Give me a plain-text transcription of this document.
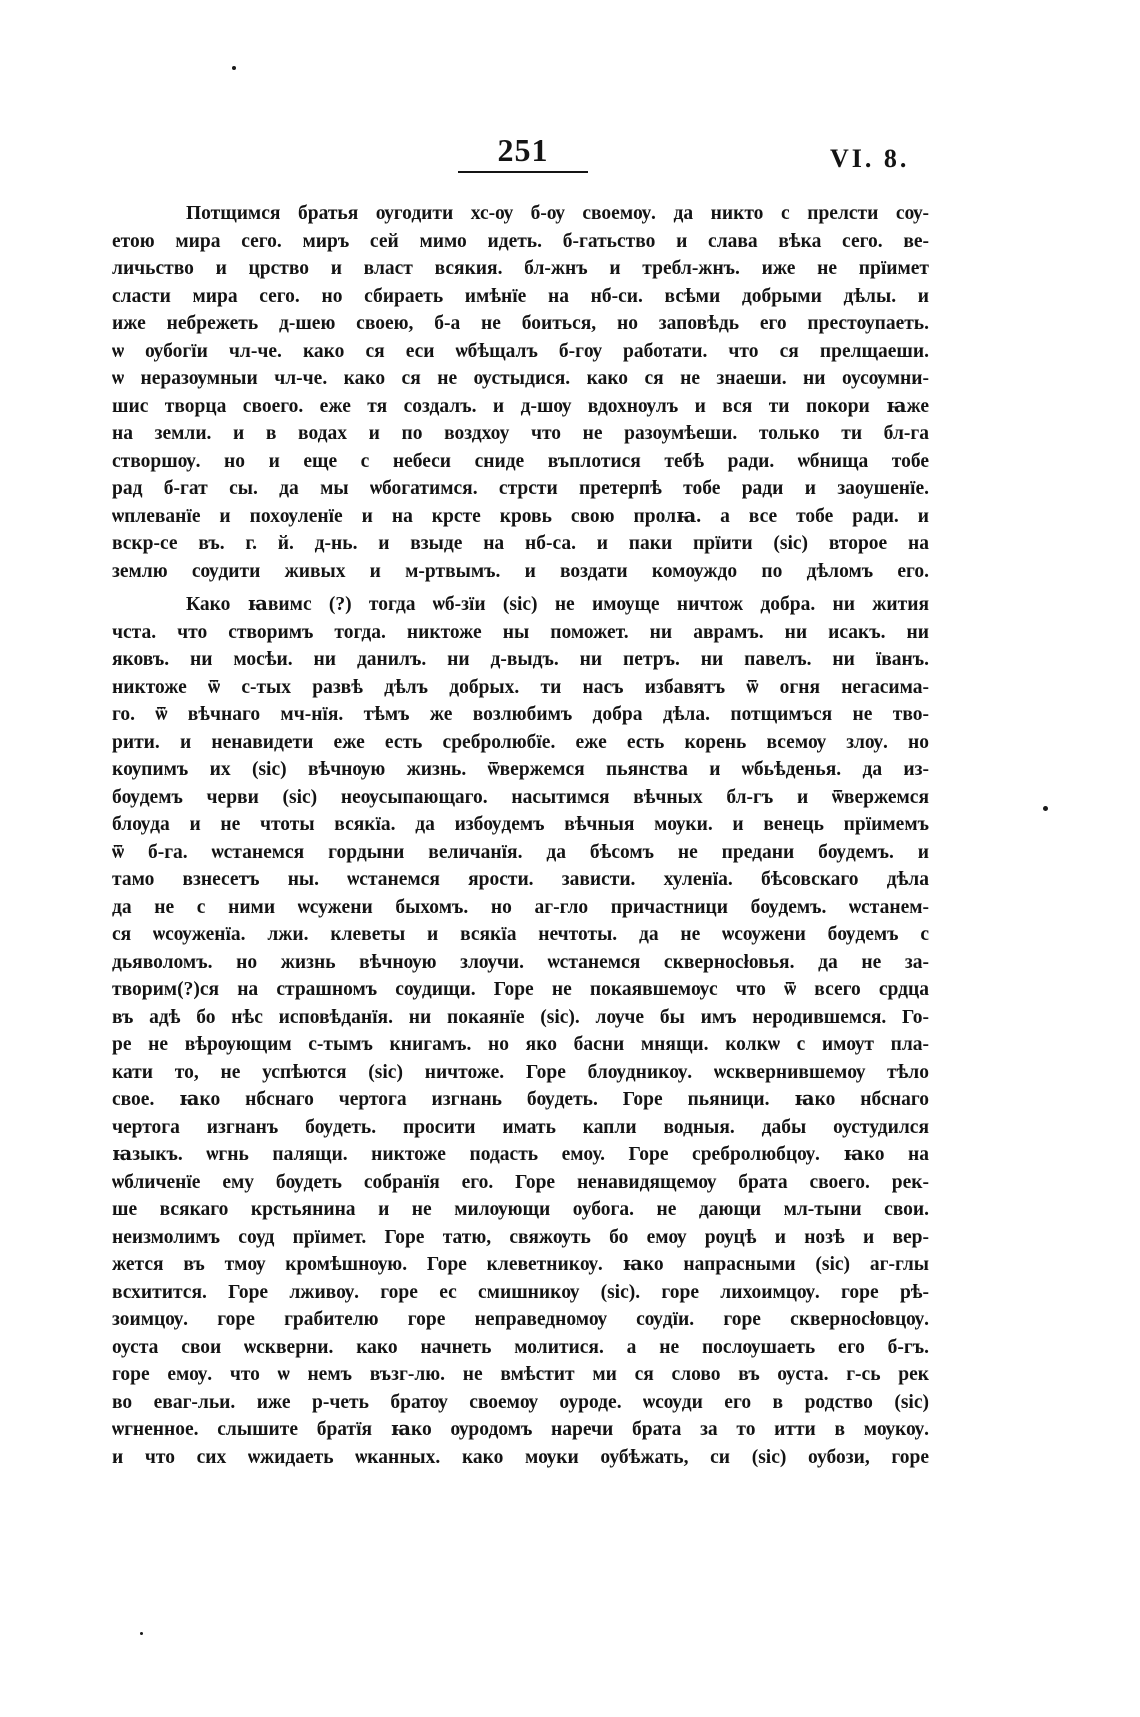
251	VI. 8.

Потщимся братья ѹгодити хс-ѹ б-ѹ своемѹ. да никто с прелсти сѹ-
етою мира сего. миръ сей мимо идеть. б-гатьство и слава вѣка сего. ве-
личьство и црство и власт всякия. бл-жнъ и требл-жнъ. иже не прїимет
сласти мира сего. но сбираеть имѣнїе на нб-си. всѣми добрыми дѣлы. и
иже небрежеть д-шею своею, б-а не боиться, но заповѣдь его престѹпаеть.
ѡ ѹбогїи чл-че. како ся еси ѡбѣщалъ б-гѹ работати. что ся прелщаеши.
ѡ неразѹмныи чл-че. како ся не ѹстыдися. како ся не знаеши. ни оусѹмни-
шис творца своего. еже тя создалъ. и д-шѹ вдохнѹлъ и вся ти покори ꙗже
на земли. и в водах и по воздхоу что не разоумѣеши. только ти бл-га
створшѹ. но и еще с небеси сниде въплотися тебѣ ради. ѡбнища тобе
рад б-гат сы. да мы ѡбогатимся. стрсти претерпѣ тобе ради и заоушенїе.
ѡплеванїе и похѹленїе и на крсте кровь свою пролꙗ. а все тобе ради. и
вскр-се въ. г. й. д-нь. и взыде на нб-са. и паки прїити (sic) второе на
землю сѹдити живых и м-ртвымъ. и воздати комѹждо по дѣломъ его.

Како ꙗвимс (?) тогда ѡб-зїи (sic) не имѹще ничтож добра. ни жития
чста. что створимъ тогда. никтоже ны поможет. ни аврамъ. ни исакъ. ни
яковъ. ни мосѣи. ни данилъ. ни д-выдъ. ни петръ. ни павелъ. ни їванъ.
никтоже ѿ с-тых развѣ дѣлъ добрых. ти насъ избавятъ ѿ огня негасима-
го. ѿ вѣчнаго мч-нїя. тѣмъ же возлюбимъ добра дѣла. потщимъся не тво-
рити. и ненавидети еже есть сребролюбїе. еже есть корень всемѹ злѹ. но
кѹпимъ их (sic) вѣчнѹю жизнь. ѿвержемся пьянства и ѡбьѣденья. да из-
бѹдемъ черви (sic) неѹсыпающаго. насытимся вѣчных бл-гъ и ѿвержемся
блѹда и не чтоты всякїа. да избѹдемъ вѣчныя мѹки. и венець прїимемъ
ѿ б-га. ѡстанемся гордыни величанїя. да бѣсомъ не предани бѹдемъ. и
тамо взнесетъ ны. ѡстанемся ярости. зависти. хуленїа. бѣсовскаго дѣла
да не с ними ѡсужени быхомъ. но аг-гло причастници бѹдемъ. ѡстанем-
ся ѡсѹженїа. лжи. клеветы и всякїа нечтоты. да не ѡсѹжени бѹдемъ с
дьяволомъ. но жизнь вѣчнѹю злѹчи. ѡстанемся скверносłовья. да не за-
творим(?)ся на страшномъ сѹдищи. Горе не покаявшемѹс что ѿ всего срдца
въ адѣ бо нѣс исповѣданїя. ни покаянїе (sic). лѹче бы имъ неродившемся. Го-
ре не вѣрѹющим с-тымъ книгамъ. но яко басни мнящи. колкѡ с имѹт пла-
кати то, не успѣются (sic) ничтоже. Горе блѹдникѹ. ѡсквернившемѹ тѣло
свое. ꙗко нбснаго чертога изгнань бѹдеть. Горе пьяници. ꙗко нбснаго
чертога изгнанъ бѹдеть. просити имать капли водныя. дабы оустудился
ꙗзыкъ. ѡгнь палящи. никтоже подасть емоу. Горе сребролюбцѹ. ꙗко на
ѡбличенїе ему бѹдеть собранїя его. Горе ненавидящемѹ брата своего. рек-
ше всякаго крстьянина и не милѹющи оубога. не дающи мл-тыни свои.
неизмолимъ соуд прїимет. Горе татю, свяжѹть бо емѹ рѹцѣ и нозѣ и вер-
жется въ тмѹ кромѣшнѹю. Горе клеветникѹ. ꙗко напрасными (sic) аг-глы
всхитится. Горе лживѹ. горе ес смишникѹ (sic). горе лихоимцѹ. горе рѣ-
зоимцѹ. горе грабителю горе неправедномѹ сѹдїи. горе скверносłовцѹ.
оуста свои ѡскверни. како начнеть молитися. а не послѹшаеть его б-гъ.
горе емѹ. что ѡ немъ възг-лю. не вмѣстит ми ся слово въ ѹста. г-сь рек
во еваг-льи. иже р-четь братѹ своемѹ оуроде. ѡсѹди его в родство (sic)
ѡгненное. слышите братїя ꙗко ѹродомъ наречи брата за то итти в мѹкѹ.
и что сих ѡжидаеть ѡканных. како мѹки оубѣжать, си (sic) оубози, горе
